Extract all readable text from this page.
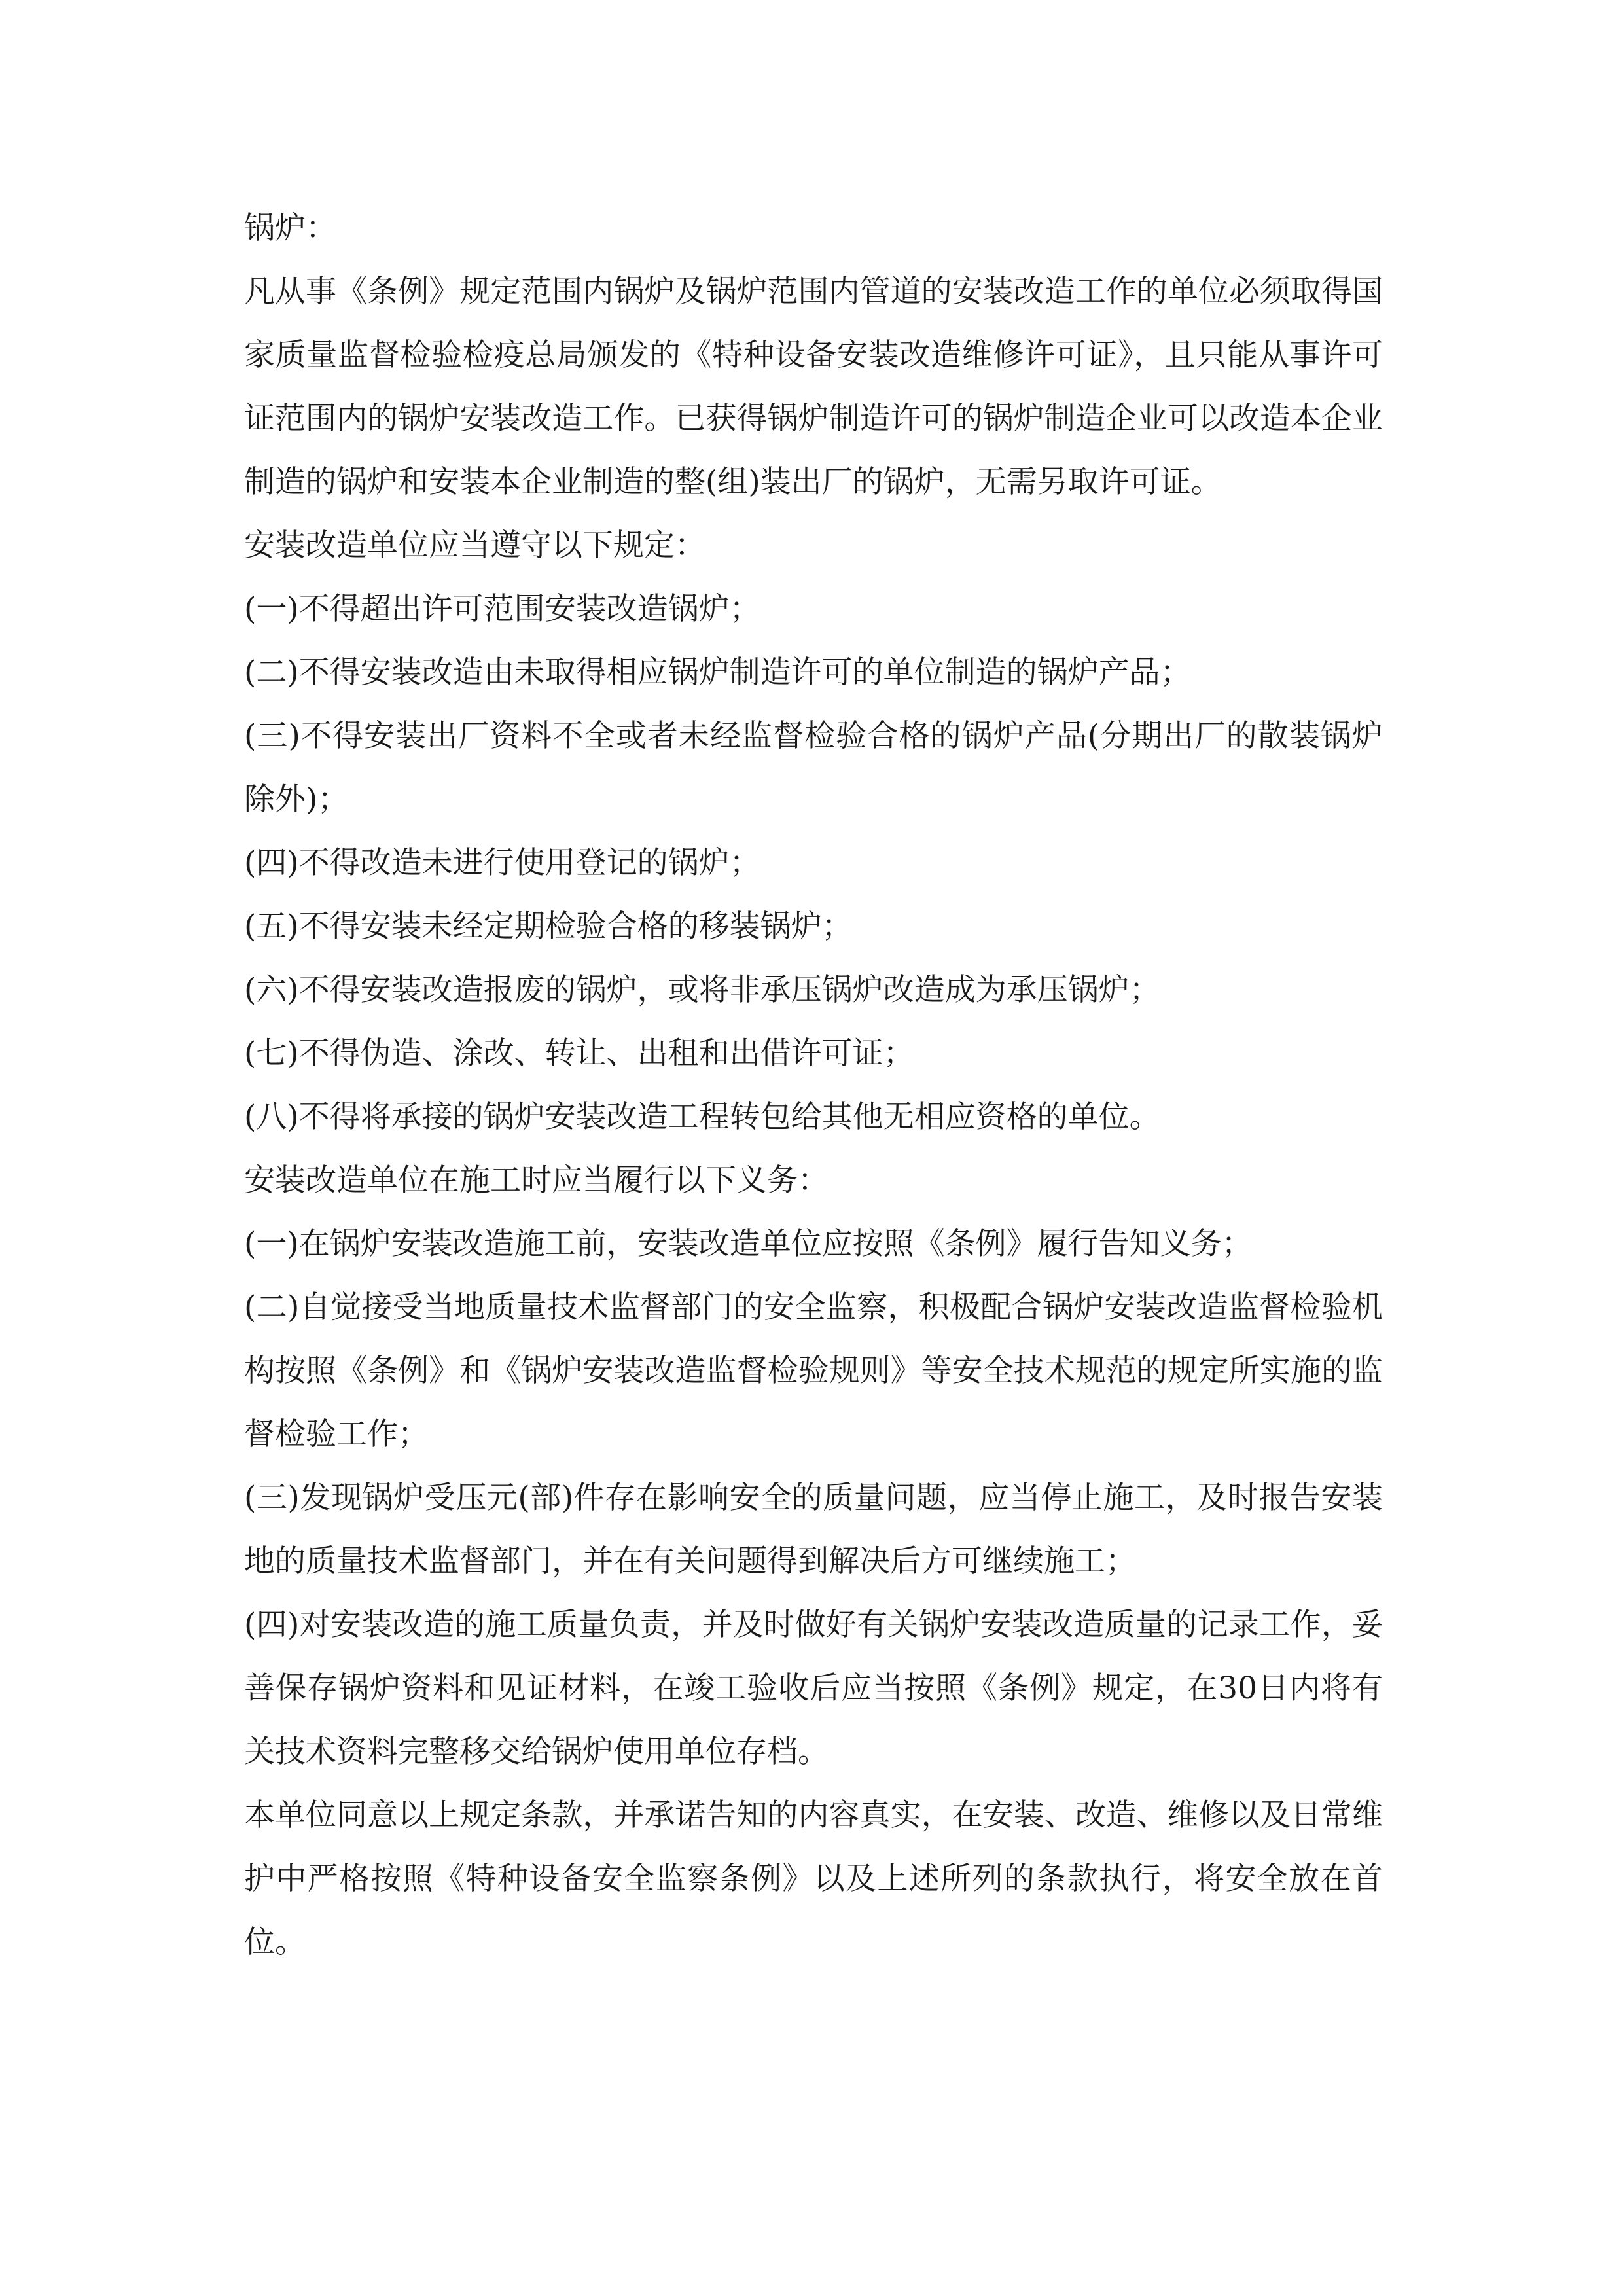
锅炉：

凡从事《条例》规定范围内锅炉及锅炉范围内管道的安装改造工作的单位必须取得国家质量监督检验检疫总局颁发的《特种设备安装改造维修许可证》，且只能从事许可证范围内的锅炉安装改造工作。已获得锅炉制造许可的锅炉制造企业可以改造本企业制造的锅炉和安装本企业制造的整(组)装出厂的锅炉，无需另取许可证。

安装改造单位应当遵守以下规定：

(一)不得超出许可范围安装改造锅炉；

(二)不得安装改造由未取得相应锅炉制造许可的单位制造的锅炉产品；

(三)不得安装出厂资料不全或者未经监督检验合格的锅炉产品(分期出厂的散装锅炉除外)；

(四)不得改造未进行使用登记的锅炉；

(五)不得安装未经定期检验合格的移装锅炉；

(六)不得安装改造报废的锅炉，或将非承压锅炉改造成为承压锅炉；

(七)不得伪造、涂改、转让、出租和出借许可证；

(八)不得将承接的锅炉安装改造工程转包给其他无相应资格的单位。

安装改造单位在施工时应当履行以下义务：

(一)在锅炉安装改造施工前，安装改造单位应按照《条例》履行告知义务；

(二)自觉接受当地质量技术监督部门的安全监察，积极配合锅炉安装改造监督检验机构按照《条例》和《锅炉安装改造监督检验规则》等安全技术规范的规定所实施的监督检验工作；

(三)发现锅炉受压元(部)件存在影响安全的质量问题，应当停止施工，及时报告安装地的质量技术监督部门，并在有关问题得到解决后方可继续施工；

(四)对安装改造的施工质量负责，并及时做好有关锅炉安装改造质量的记录工作，妥善保存锅炉资料和见证材料，在竣工验收后应当按照《条例》规定，在30日内将有关技术资料完整移交给锅炉使用单位存档。

本单位同意以上规定条款，并承诺告知的内容真实，在安装、改造、维修以及日常维护中严格按照《特种设备安全监察条例》以及上述所列的条款执行，将安全放在首位。
